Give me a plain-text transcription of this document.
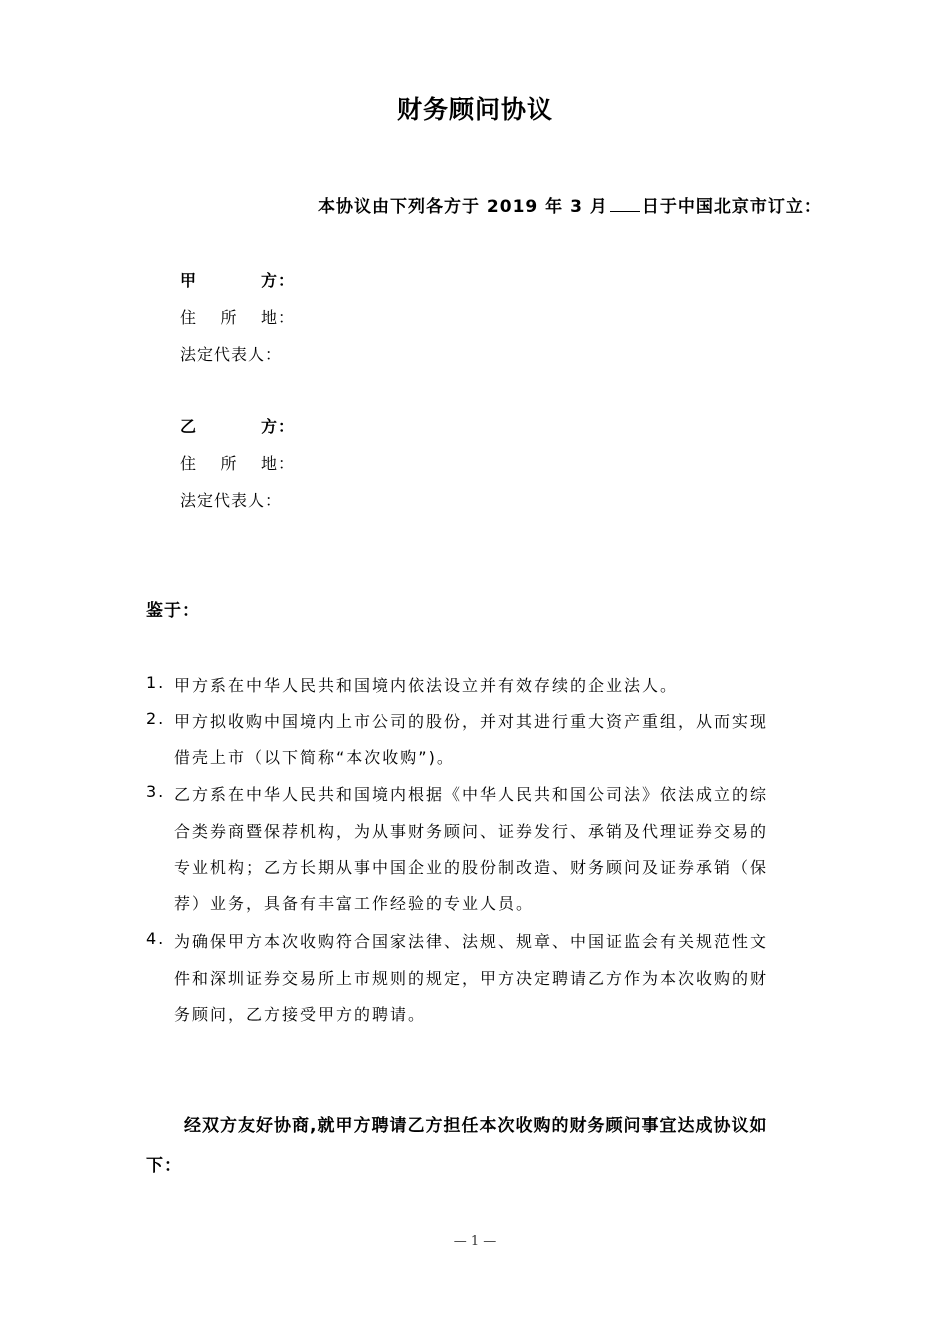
财务顾问协议
本协议由下列各方于 2019 年 3 月 日于中国北京市订立：
甲方：
住所地：
法定代表人：
乙方：
住所地：
法定代表人：
鉴于：
1. 甲方系在中华人民共和国境内依法设立并有效存续的企业法人。
2. 甲方拟收购中国境内上市公司的股份，并对其进行重大资产重组，从而实现
借壳上市（以下简称“本次收购”)。
3. 乙方系在中华人民共和国境内根据《中华人民共和国公司法》依法成立的综
合类券商暨保荐机构，为从事财务顾问、证券发行、承销及代理证券交易的
专业机构；乙方长期从事中国企业的股份制改造、财务顾问及证券承销（保
荐）业务，具备有丰富工作经验的专业人员。
4. 为确保甲方本次收购符合国家法律、法规、规章、中国证监会有关规范性文
件和深圳证券交易所上市规则的规定，甲方决定聘请乙方作为本次收购的财
务顾问，乙方接受甲方的聘请。
经双方友好协商,就甲方聘请乙方担任本次收购的财务顾问事宜达成协议如
下：
— 1 —
